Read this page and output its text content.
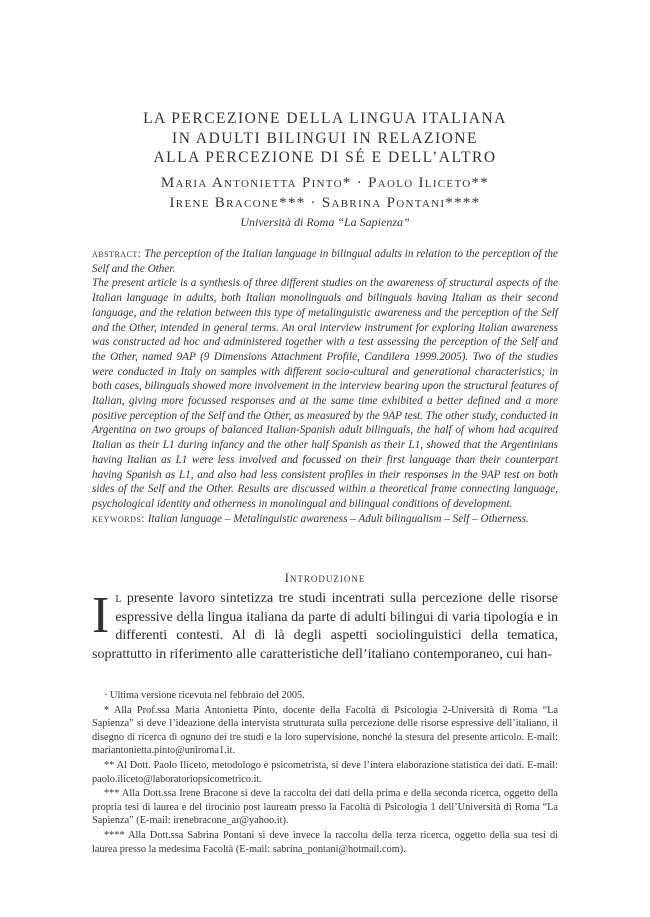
LA PERCEZIONE DELLA LINGUA ITALIANA
IN ADULTI BILINGUI IN RELAZIONE
ALLA PERCEZIONE DI SÉ E DELL’ALTRO
Maria Antonietta Pinto* · Paolo Iliceto**
Irene Bracone*** · Sabrina Pontani****
Università di Roma “La Sapienza”

abstract: The perception of the Italian language in bilingual adults in relation to the perception of the Self and the Other.

The present article is a synthesis of three different studies on the awareness of structural aspects of the Italian language in adults, both Italian monolinguals and bilinguals having Italian as their second language, and the relation between this type of metalinguistic awareness and the perception of the Self and the Other, intended in general terms. An oral interview instrument for exploring Italian awareness was constructed ad hoc and administered together with a test assessing the perception of the Self and the Other, named 9AP (9 Dimensions Attachment Profile, Candilera 1999.2005). Two of the studies were conducted in Italy on samples with different socio-cultural and generational characteristics; in both cases, bilinguals showed more involvement in the interview bearing upon the structural features of Italian, giving more focussed responses and at the same time exhibited a better defined and a more positive perception of the Self and the Other, as measured by the 9AP test. The other study, conducted in Argentina on two groups of balanced Italian-Spanish adult bilinguals, the half of whom had acquired Italian as their L1 during infancy and the other half Spanish as their L1, showed that the Argentinians having Italian as L1 were less involved and focussed on their first language than their counterpart having Spanish as L1, and also had less consistent profiles in their responses in the 9AP test on both sides of the Self and the Other. Results are discussed within a theoretical frame connecting language, psychological identity and otherness in monolingual and bilingual conditions of development.

keywords: Italian language – Metalinguistic awareness – Adult bilingualism – Self – Otherness.

Introduzione

Il presente lavoro sintetizza tre studi incentrati sulla percezione delle risorse espressive della lingua italiana da parte di adulti bilingui di varia tipologia e in differenti contesti. Al di là degli aspetti sociolinguistici della tematica, soprattutto in riferimento alle caratteristiche dell’italiano contemporaneo, cui han-

· Ultima versione ricevuta nel febbraio del 2005.

* Alla Prof.ssa Maria Antonietta Pinto, docente della Facoltà di Psicologia 2-Università di Roma “La Sapienza” si deve l’ideazione della intervista strutturata sulla percezione delle risorse espressive dell’italiano, il disegno di ricerca di ognuno dei tre studi e la loro supervisione, nonché la stesura del presente articolo. E-mail: mariantonietta.pinto@uniroma1.it.

** Al Dott. Paolo Iliceto, metodologo e psicometrista, si deve l’intera elaborazione statistica dei dati. E-mail: paolo.iliceto@laboratoriopsicometrico.it.

*** Alla Dott.ssa Irene Bracone si deve la raccolta dei dati della prima e della seconda ricerca, oggetto della propria tesi di laurea e del tirocinio post lauream presso la Facoltà di Psicologia 1 dell’Università di Roma “La Sapienza” (E-mail: irenebracone_ar@yahoo.it).

**** Alla Dott.ssa Sabrina Pontani si deve invece la raccolta della terza ricerca, oggetto della sua tesi di laurea presso la medesima Facoltà (E-mail: sabrina_pontani@hotmail.com).
